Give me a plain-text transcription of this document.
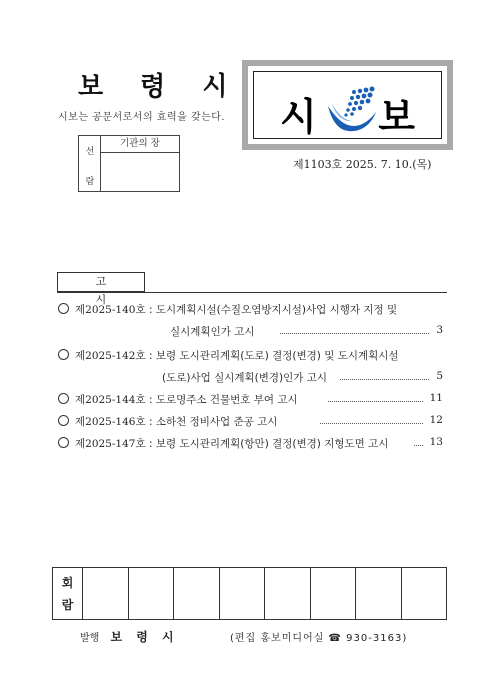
보 령 시
시보는 공문서로서의 효력을 갖는다.
선
람
기관의 장
시 보
제1103호 2025. 7. 10.(목)
고 시
제2025-140호 : 도시계획시설(수질오염방지시설)사업 시행자 지정 및
실시계획인가 고시	3
제2025-142호 : 보령 도시관리계획(도로) 결정(변경) 및 도시계획시설
(도로)사업 실시계획(변경)인가 고시	5
제2025-144호 : 도로명주소 건물번호 부여 고시	11
제2025-146호 : 소하천 정비사업 준공 고시	12
제2025-147호 : 보령 도시관리계획(항만) 결정(변경) 지형도면 고시	13
회
람
발행 보 령 시	(편집 홍보미디어실 ☎ 930-3163)
